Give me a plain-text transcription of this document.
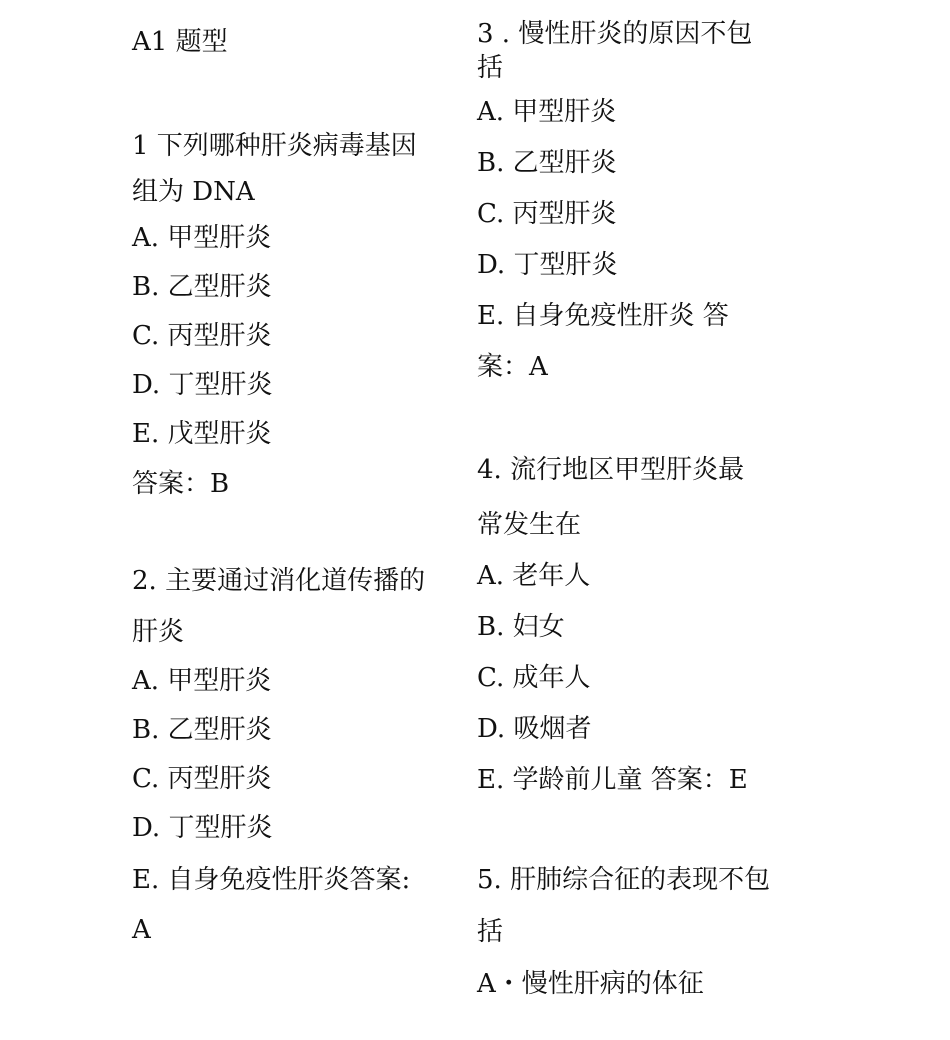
A1 题型
1 下列哪种肝炎病毒基因
组为 DNA
A. 甲型肝炎
B. 乙型肝炎
C. 丙型肝炎
D. 丁型肝炎
E. 戊型肝炎
答案：B
2. 主要通过消化道传播的
肝炎
A. 甲型肝炎
B. 乙型肝炎
C. 丙型肝炎
D. 丁型肝炎
E. 自身免疫性肝炎答案:
A
3 . 慢性肝炎的原因不包
括
A. 甲型肝炎
B. 乙型肝炎
C. 丙型肝炎
D. 丁型肝炎
E. 自身免疫性肝炎 答
案：A
4. 流行地区甲型肝炎最
常发生在
A. 老年人
B. 妇女
C. 成年人
D. 吸烟者
E. 学龄前儿童 答案：E
5. 肝肺综合征的表现不包
括
A・慢性肝病的体征
